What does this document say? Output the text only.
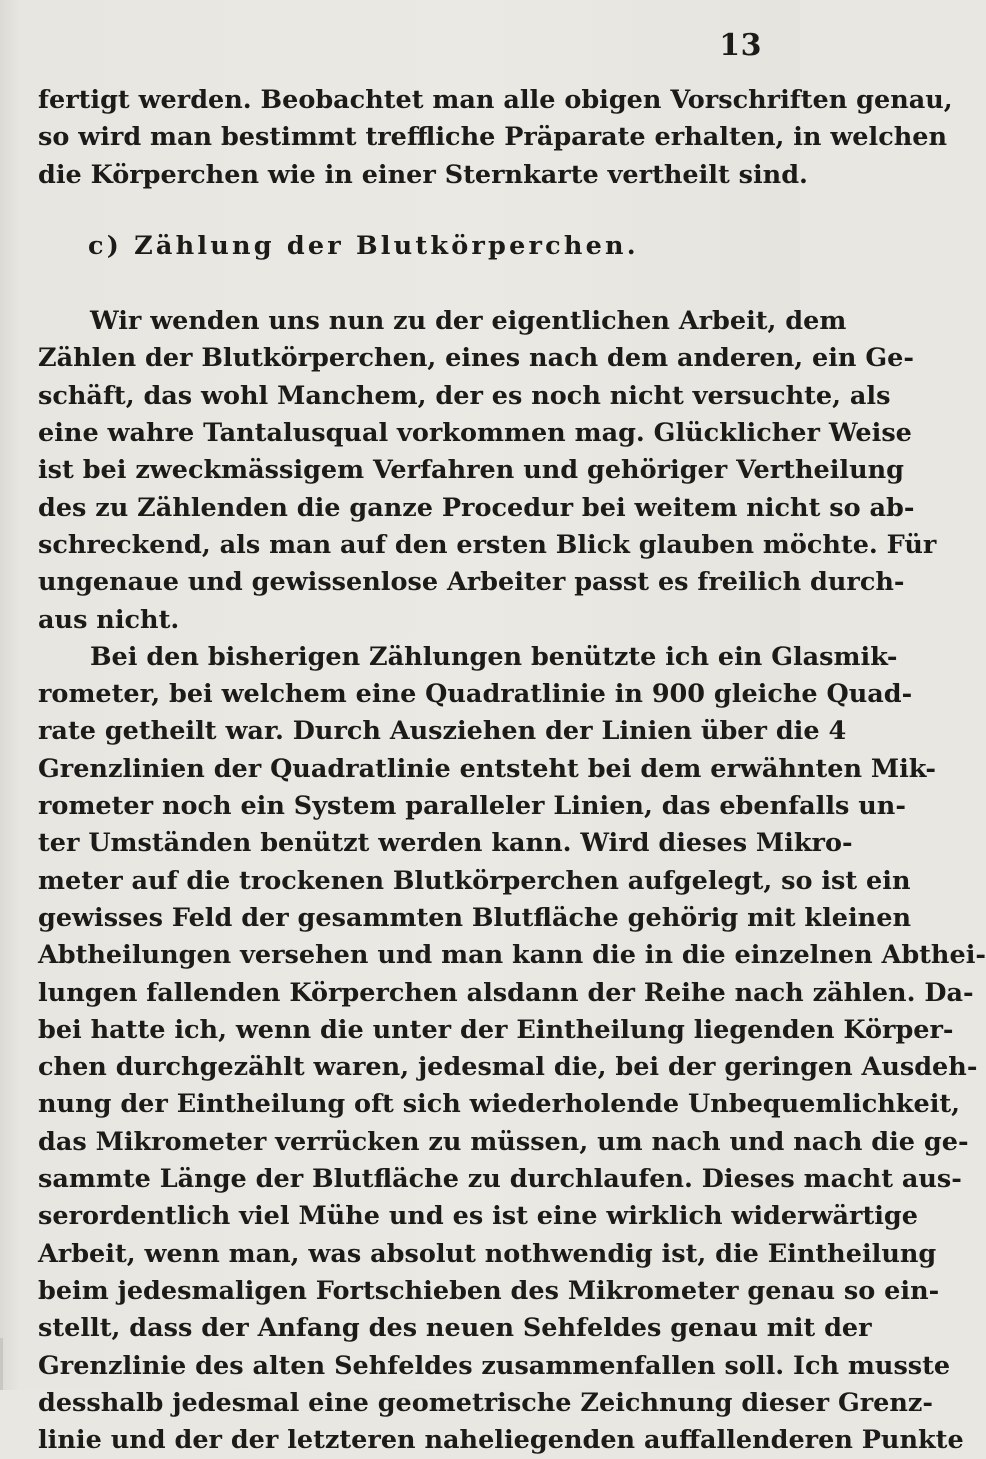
13
fertigt werden. Beobachtet man alle obigen Vorschriften genau,
so wird man bestimmt treffliche Präparate erhalten, in welchen
die Körperchen wie in einer Sternkarte vertheilt sind.
c) Zählung der Blutkörperchen.
Wir wenden uns nun zu der eigentlichen Arbeit, dem
Zählen der Blutkörperchen, eines nach dem anderen, ein Ge-
schäft, das wohl Manchem, der es noch nicht versuchte, als
eine wahre Tantalusqual vorkommen mag. Glücklicher Weise
ist bei zweckmässigem Verfahren und gehöriger Vertheilung
des zu Zählenden die ganze Procedur bei weitem nicht so ab-
schreckend, als man auf den ersten Blick glauben möchte. Für
ungenaue und gewissenlose Arbeiter passt es freilich durch-
aus nicht.
Bei den bisherigen Zählungen benützte ich ein Glasmik-
rometer, bei welchem eine Quadratlinie in 900 gleiche Quad-
rate getheilt war. Durch Ausziehen der Linien über die 4
Grenzlinien der Quadratlinie entsteht bei dem erwähnten Mik-
rometer noch ein System paralleler Linien, das ebenfalls un-
ter Umständen benützt werden kann. Wird dieses Mikro-
meter auf die trockenen Blutkörperchen aufgelegt, so ist ein
gewisses Feld der gesammten Blutfläche gehörig mit kleinen
Abtheilungen versehen und man kann die in die einzelnen Abthei-
lungen fallenden Körperchen alsdann der Reihe nach zählen. Da-
bei hatte ich, wenn die unter der Eintheilung liegenden Körper-
chen durchgezählt waren, jedesmal die, bei der geringen Ausdeh-
nung der Eintheilung oft sich wiederholende Unbequemlichkeit,
das Mikrometer verrücken zu müssen, um nach und nach die ge-
sammte Länge der Blutfläche zu durchlaufen. Dieses macht aus-
serordentlich viel Mühe und es ist eine wirklich widerwärtige
Arbeit, wenn man, was absolut nothwendig ist, die Eintheilung
beim jedesmaligen Fortschieben des Mikrometer genau so ein-
stellt, dass der Anfang des neuen Sehfeldes genau mit der
Grenzlinie des alten Sehfeldes zusammenfallen soll. Ich musste
desshalb jedesmal eine geometrische Zeichnung dieser Grenz-
linie und der der letzteren naheliegenden auffallenderen Punkte
